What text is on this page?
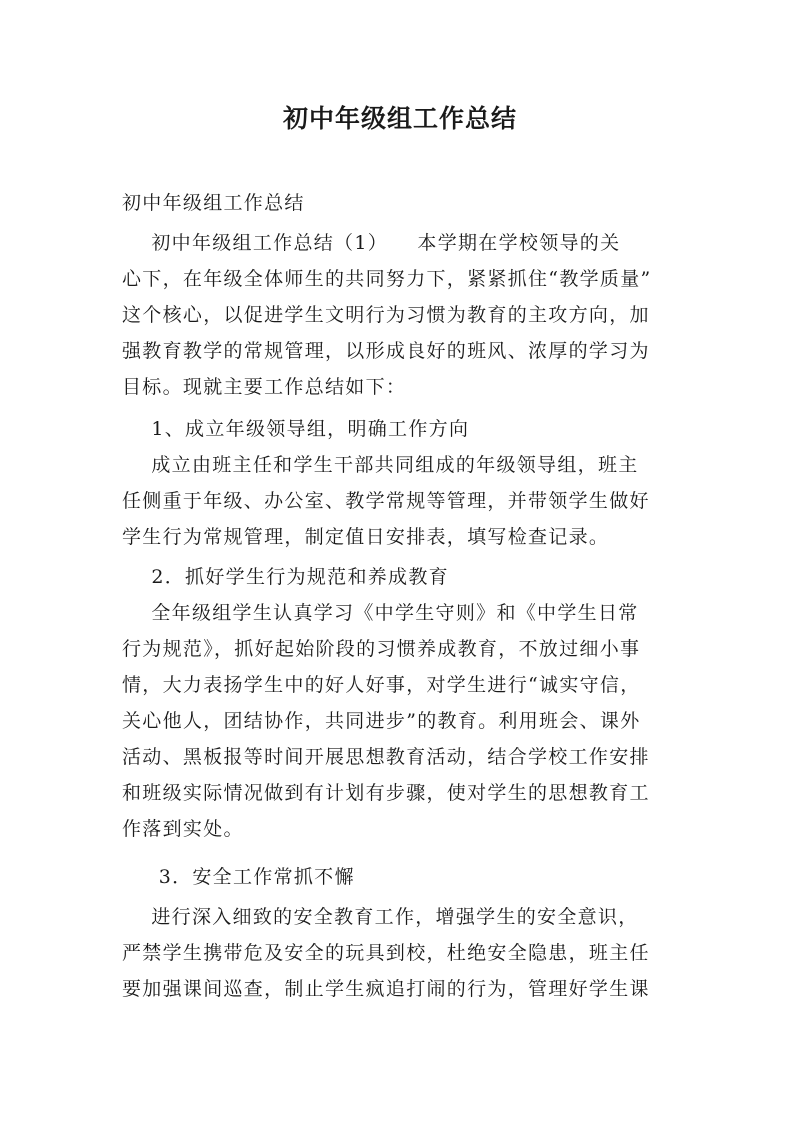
初中年级组工作总结

初中年级组工作总结

初中年级组工作总结（1）    本学期在学校领导的关

心下，在年级全体师生的共同努力下，紧紧抓住“教学质量”

这个核心，以促进学生文明行为习惯为教育的主攻方向，加

强教育教学的常规管理，以形成良好的班风、浓厚的学习为

目标。现就主要工作总结如下：

1、成立年级领导组，明确工作方向

成立由班主任和学生干部共同组成的年级领导组，班主

任侧重于年级、办公室、教学常规等管理，并带领学生做好

学生行为常规管理，制定值日安排表，填写检查记录。

2．抓好学生行为规范和养成教育

全年级组学生认真学习《中学生守则》和《中学生日常

行为规范》，抓好起始阶段的习惯养成教育，不放过细小事

情，大力表扬学生中的好人好事，对学生进行“诚实守信，

关心他人，团结协作，共同进步”的教育。利用班会、课外

活动、黑板报等时间开展思想教育活动，结合学校工作安排

和班级实际情况做到有计划有步骤，使对学生的思想教育工

作落到实处。

3．安全工作常抓不懈

进行深入细致的安全教育工作，增强学生的安全意识，

严禁学生携带危及安全的玩具到校，杜绝安全隐患，班主任

要加强课间巡查，制止学生疯追打闹的行为，管理好学生课
